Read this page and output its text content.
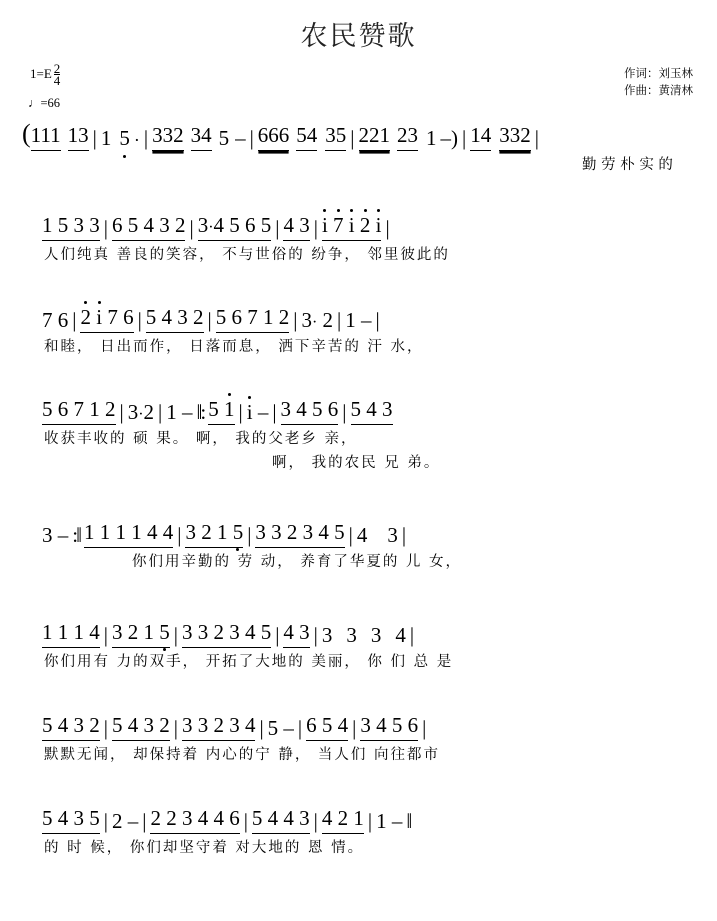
农民赞歌
作词：刘玉林
作曲：黄清林
$1=E \frac{2}{4}$
♩=66
( 111 13 | 1 5 · | 332 34 5 – | 666 54 35 | 221 23 1 –) | 14 332 |
勤 劳 朴 实 的
1 5 3 3 | 6 5 4 3 2 | 3·4 5 6 5 | 4 3 | i 7 i 2 i |
人们纯真 善良的笑容， 不与世俗的 纷争， 邻里彼此的
7 6 | 2 i 7 6 | 5 4 3 2 | 5 6 7 1 2 | 3· 2 | 1 – |
和睦， 日出而作， 日落而息， 洒下辛苦的 汗 水，
5 6 7 1 2 | 3·2 | 1 – ‖: 5 1 | i – | 3 4 5 6 | 5 4 3
收获丰收的 硕 果。 啊， 我的父老乡 亲，
啊， 我的农民 兄 弟。
3 – :‖ 1 1 1 1 4 4 | 3 2 1 5 | 3 3 2 3 4 5 | 4 3 |
你们用辛勤的 劳 动， 养育了华夏的 儿 女，
1 1 1 4 | 3 2 1 5 | 3 3 2 3 4 5 | 4 3 | 3 3 3 4 |
你们用有 力的双手， 开拓了大地的 美丽， 你 们 总 是
5 4 3 2 | 5 4 3 2 | 3 3 2 3 4 | 5 – | 6 5 4 | 3 4 5 6 |
默默无闻， 却保持着 内心的宁 静， 当人们 向往都市
5 4 3 5 | 2 – | 2 2 3 4 4 6 | 5 4 4 3 | 4 2 1 | 1 – ‖
的 时 候， 你们却坚守着 对大地的 恩 情。
